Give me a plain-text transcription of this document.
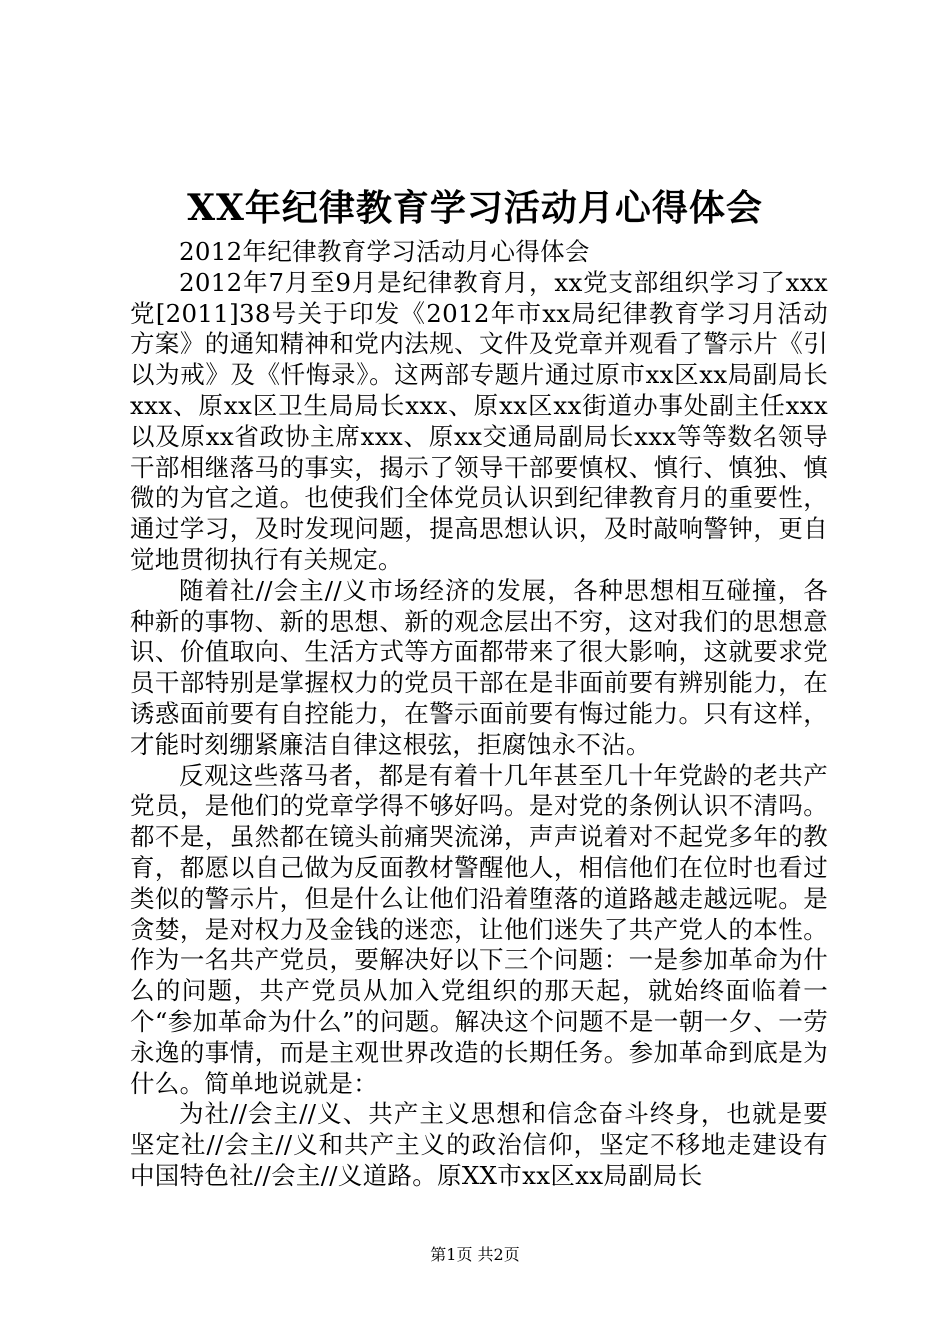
XX年纪律教育学习活动月心得体会

2012年纪律教育学习活动月心得体会

2012年7月至9月是纪律教育月，xx党支部组织学习了xxx党[2011]38号关于印发《2012年市xx局纪律教育学习月活动方案》的通知精神和党内法规、文件及党章并观看了警示片《引以为戒》及《忏悔录》。这两部专题片通过原市xx区xx局副局长xxx、原xx区卫生局局长xxx、原xx区xx街道办事处副主任xxx以及原xx省政协主席xxx、原xx交通局副局长xxx等等数名领导干部相继落马的事实，揭示了领导干部要慎权、慎行、慎独、慎微的为官之道。也使我们全体党员认识到纪律教育月的重要性，通过学习，及时发现问题，提高思想认识，及时敲响警钟，更自觉地贯彻执行有关规定。

随着社//会主//义市场经济的发展，各种思想相互碰撞，各种新的事物、新的思想、新的观念层出不穷，这对我们的思想意识、价值取向、生活方式等方面都带来了很大影响，这就要求党员干部特别是掌握权力的党员干部在是非面前要有辨别能力，在诱惑面前要有自控能力，在警示面前要有悔过能力。只有这样，才能时刻绷紧廉洁自律这根弦，拒腐蚀永不沾。

反观这些落马者，都是有着十几年甚至几十年党龄的老共产党员，是他们的党章学得不够好吗。是对党的条例认识不清吗。都不是，虽然都在镜头前痛哭流涕，声声说着对不起党多年的教育，都愿以自己做为反面教材警醒他人，相信他们在位时也看过类似的警示片，但是什么让他们沿着堕落的道路越走越远呢。是贪婪，是对权力及金钱的迷恋，让他们迷失了共产党人的本性。作为一名共产党员，要解决好以下三个问题：一是参加革命为什么的问题，共产党员从加入党组织的那天起，就始终面临着一个“参加革命为什么”的问题。解决这个问题不是一朝一夕、一劳永逸的事情，而是主观世界改造的长期任务。参加革命到底是为什么。简单地说就是：

为社//会主//义、共产主义思想和信念奋斗终身，也就是要坚定社//会主//义和共产主义的政治信仰，坚定不移地走建设有中国特色社//会主//义道路。原XX市xx区xx局副局长

第1页 共2页
